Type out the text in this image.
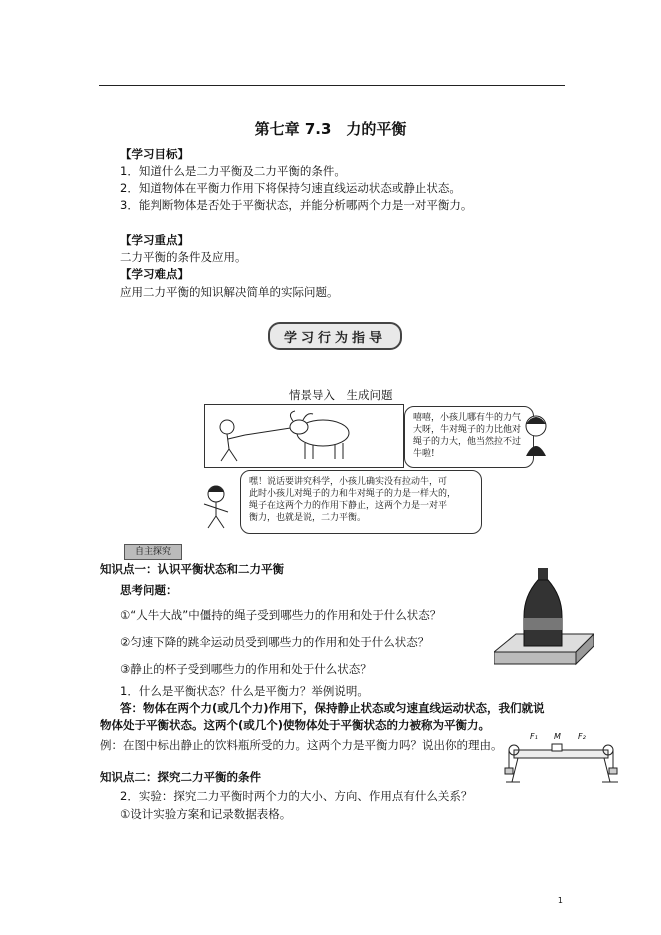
第七章 7.3　力的平衡
【学习目标】
1．知道什么是二力平衡及二力平衡的条件。
2．知道物体在平衡力作用下将保持匀速直线运动状态或静止状态。
3．能判断物体是否处于平衡状态，并能分析哪两个力是一对平衡力。
【学习重点】
二力平衡的条件及应用。
【学习难点】
应用二力平衡的知识解决简单的实际问题。
学习行为指导
情景导入　生成问题
嘻嘻，小孩儿哪有牛的力气
大呀，牛对绳子的力比他对
绳子的力大，他当然拉不过
牛啦!
嘿！说话要讲究科学，小孩儿确实没有拉动牛，可
此时小孩儿对绳子的力和牛对绳子的力是一样大的，
绳子在这两个力的作用下静止，这两个力是一对平
衡力，也就是说，二力平衡。
自主探究
知识点一：认识平衡状态和二力平衡
思考问题：
①“人牛大战”中僵持的绳子受到哪些力的作用和处于什么状态？
②匀速下降的跳伞运动员受到哪些力的作用和处于什么状态？
③静止的杯子受到哪些力的作用和处于什么状态？
1．什么是平衡状态？什么是平衡力？举例说明。
答：物体在两个力(或几个力)作用下，保持静止状态或匀速直线运动状态，我们就说
物体处于平衡状态。这两个(或几个)使物体处于平衡状态的力被称为平衡力。
例：在图中标出静止的饮料瓶所受的力。这两个力是平衡力吗？说出你的理由。
知识点二：探究二力平衡的条件
2．实验：探究二力平衡时两个力的大小、方向、作用点有什么关系？
①设计实验方案和记录数据表格。
F₁ M F₂
1
